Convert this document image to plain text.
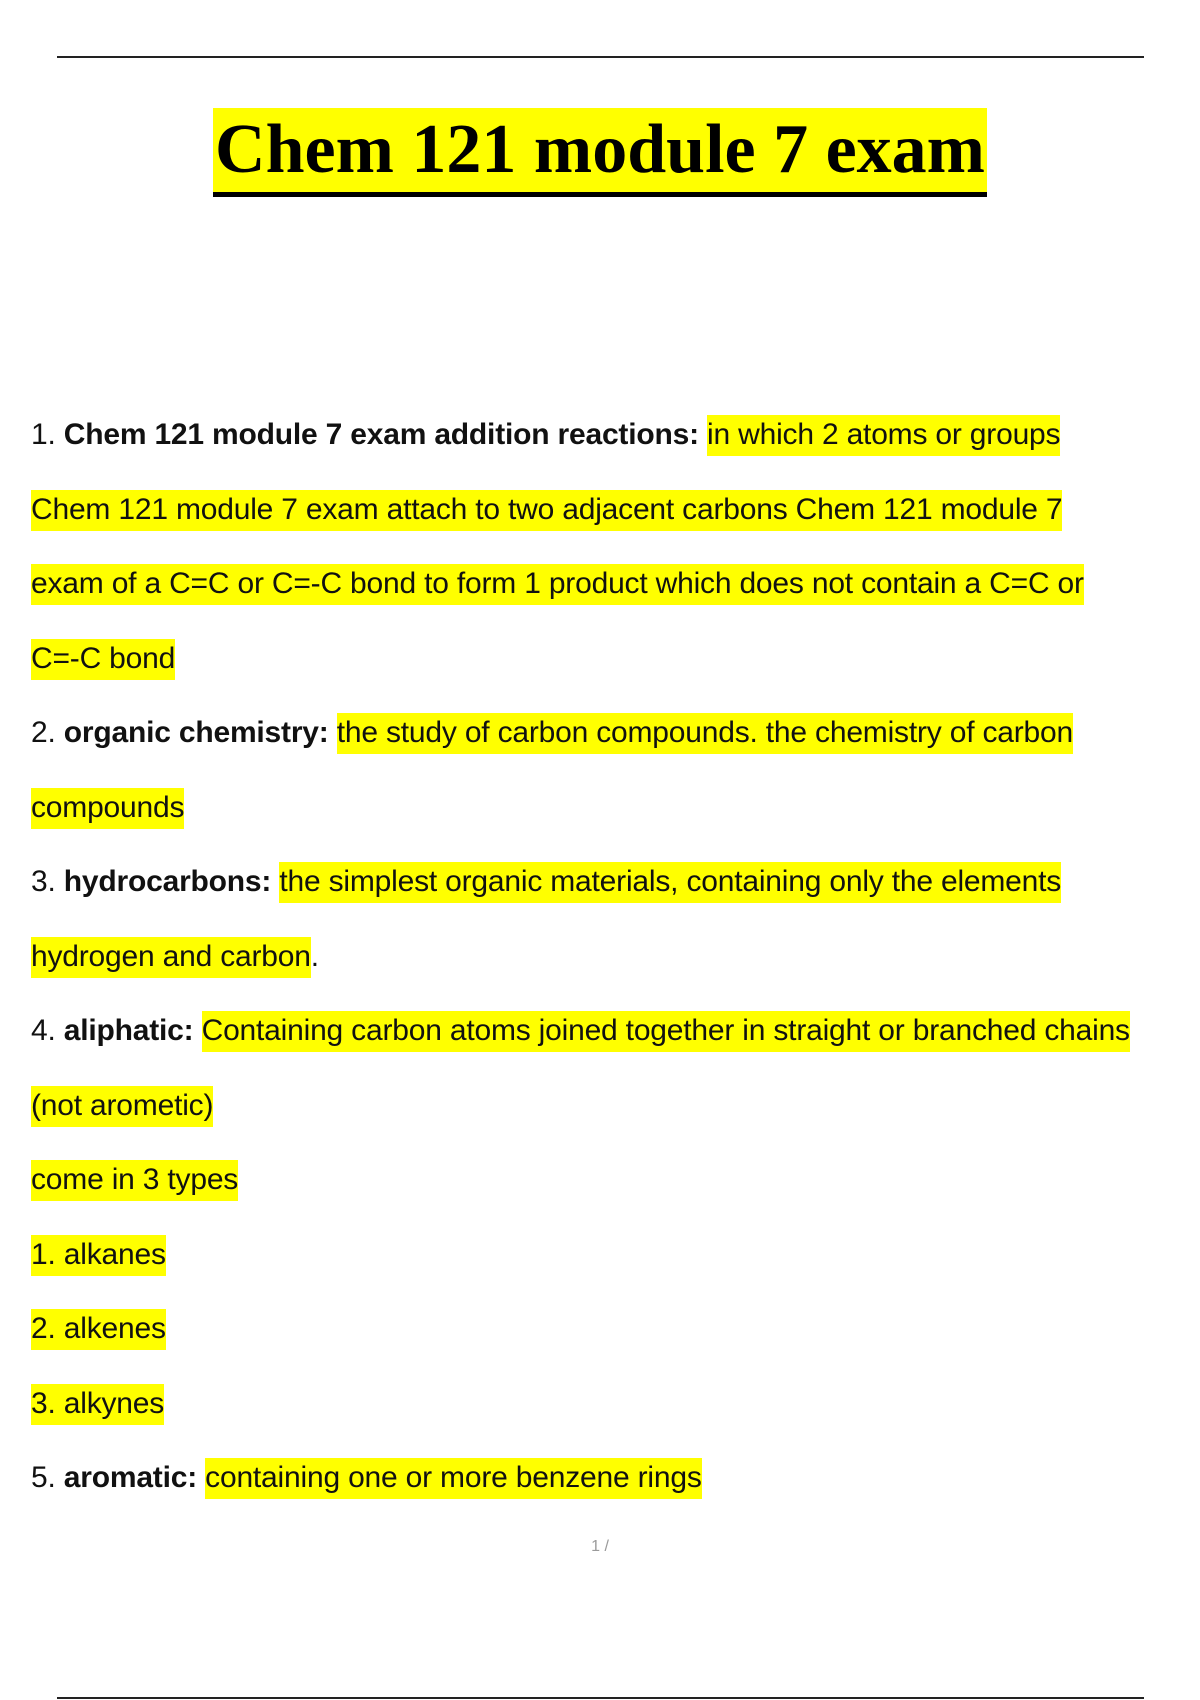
Chem 121 module 7 exam
1. Chem 121 module 7 exam addition reactions: in which 2 atoms or groups
Chem 121 module 7 exam attach to two adjacent carbons Chem 121 module 7
exam of a C=C or C=-C bond to form 1 product which does not contain a C=C or
C=-C bond
2. organic chemistry: the study of carbon compounds. the chemistry of carbon
compounds
3. hydrocarbons: the simplest organic materials, containing only the elements
hydrogen and carbon.
4. aliphatic: Containing carbon atoms joined together in straight or branched chains
(not arometic)
come in 3 types
1. alkanes
2. alkenes
3. alkynes
5. aromatic: containing one or more benzene rings
1 /
